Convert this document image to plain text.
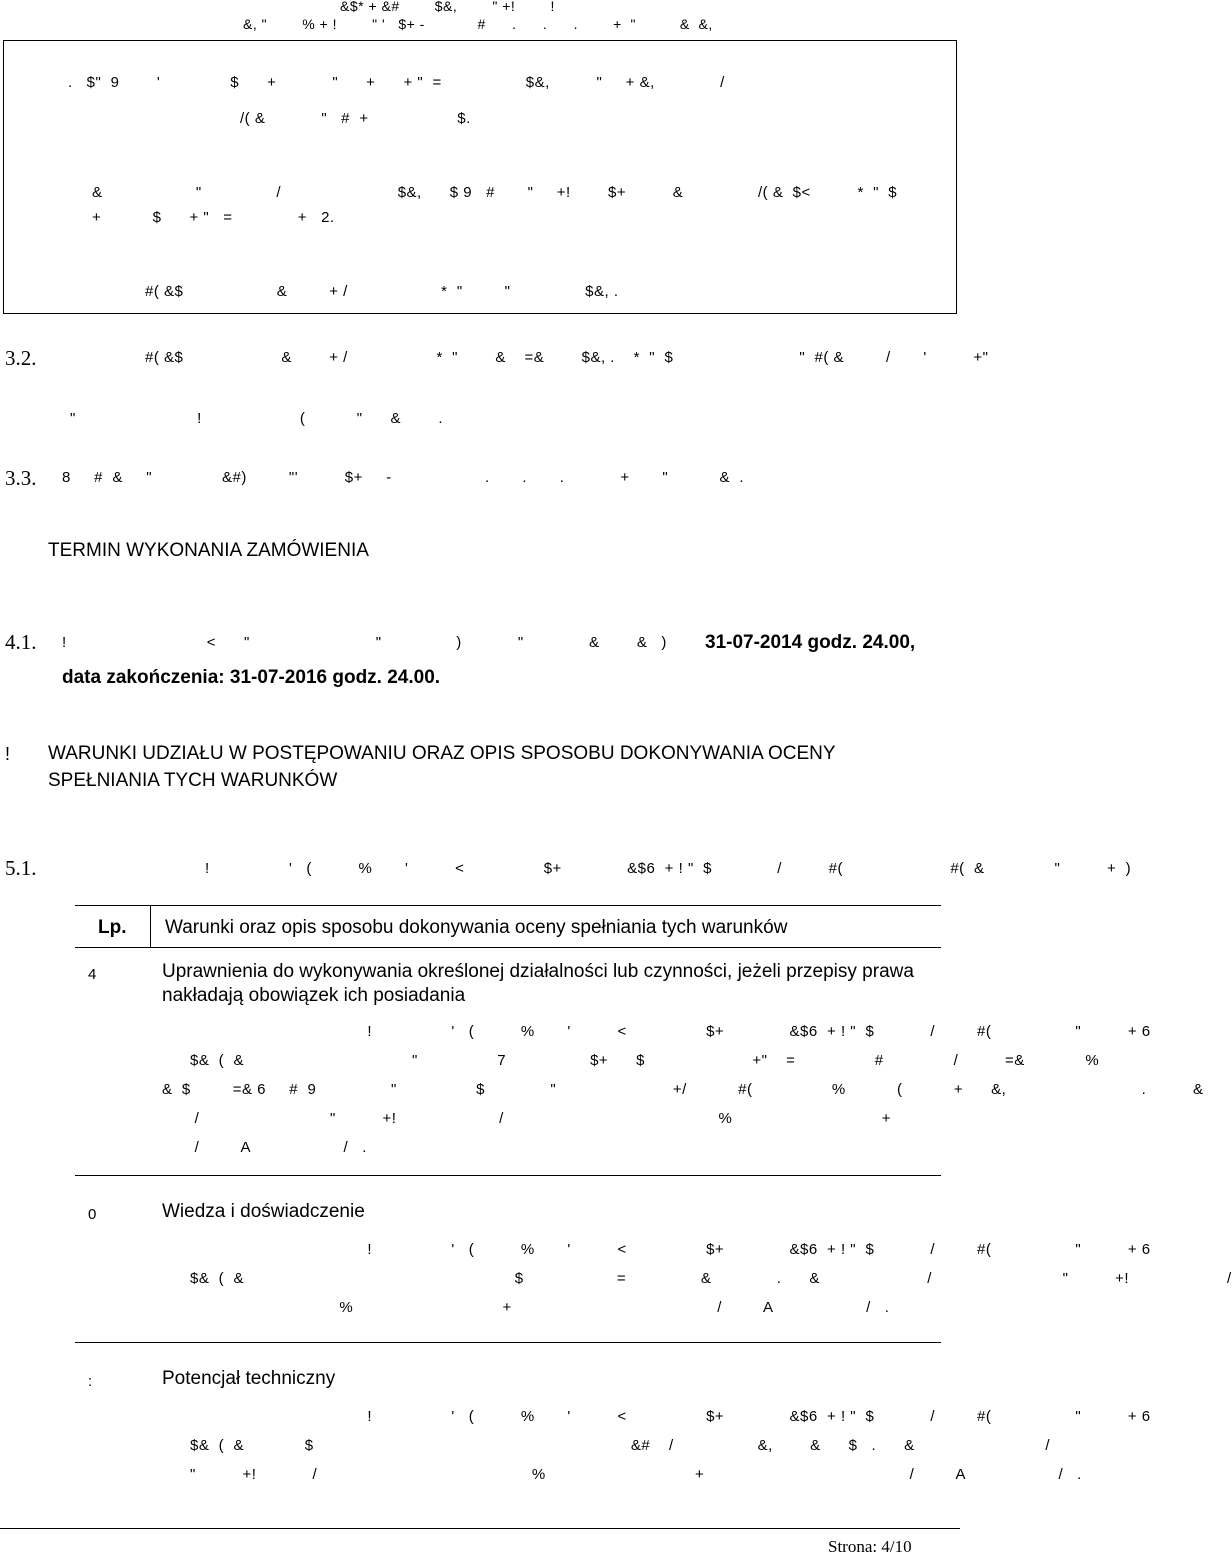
&$* + &#        $&,        " +!        !
&, "        % + !        " '   $+ -            #      .      .      .        +  "          &  &,
.   $"  9        '               $      +            "      +      + "  =                  $&,          "     + &,              /
/( &            "   #  +                   $.
&                    "                /                         $&,      $ 9   #       "     +!        $+          &                /( &  $<          *  "  $
+           $      + "   =              +   2.
#( &$                    &         + /                    *  "         "                $&, .
3.2.	#( &$                     &        + /                   *  "        &    =&        $&, .    *  "  $                           "  #( &         /       '          +"
"                          !                     (           "      &        .
3.3. 8     #  &     "               &#)         "'          $+     -                    .       .       .            +       "           &  .
TERMIN WYKONANIA ZAMÓWIENIA
4.1. !                              <      "                           "                )            "              &        &   ) 31-07-2014 godz. 24.00,
data zakończenia: 31-07-2016 godz. 24.00.
! WARUNKI UDZIAŁU W POSTĘPOWANIU ORAZ OPIS SPOSOBU DOKONYWANIA OCENY
SPEŁNIANIA TYCH WARUNKÓW
5.1.	!                 '   (          %       '          <                 $+              &$6  + ! "  $              /          #(                       #(  &               "          +  )
Lp. Warunki oraz opis sposobu dokonywania oceny spełniania tych warunków
4	Uprawnienia do wykonywania określonej działalności lub czynności, jeżeli przepisy prawa nakładają obowiązek ich posiadania
!                 '   (          %       '          <                 $+              &$6  + ! "  $            /         #(                  "          + 6
$&  (  &                                    "                 7                  $+      $                       +"    =                 #               /          =&             %
&  $         =& 6     #  9                "                 $              "                         +/           #(                 %           (           +      &,                             .          &
/                            "          +!                      /                                              %                                +
/         A                    /   .
0	Wiedza i doświadczenie
!                 '   (          %       '          <                 $+              &$6  + ! "  $            /         #(                  "          + 6
$&  (  &                                                          $                    =                &              .      &                       /                            "          +!                     /
%                                +                                            /         A                    /   .
:	Potencjał techniczny
!                 '   (          %       '          <                 $+              &$6  + ! "  $            /         #(                  "          + 6
$&  (  &             $                                                                    &#    /                  &,        &      $   .      &                            /
"          +!            /                                              %                                +                                            /         A                    /   .
Strona: 4/10
